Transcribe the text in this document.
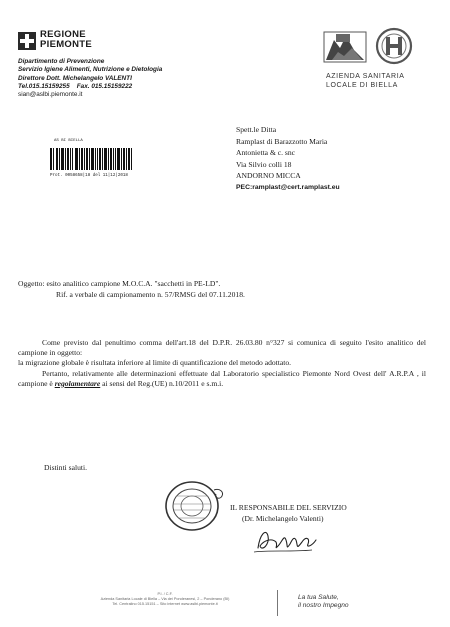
REGIONE
PIEMONTE
Dipartimento di Prevenzione
Servizio Igiene Alimenti, Nutrizione e Dietologia
Direttore Dott. Michelangelo VALENTI
Tel.015.15159255 Fax. 015.15159222
sian@aslbi.piemonte.it
AZIENDA SANITARIA
LOCALE DI BIELLA
AS BI BIELLA
Prot. 0058658|18 del 11|12|2018
Spett.le Ditta
Ramplast di Barazzotto Maria
Antonietta & c. snc
Via Silvio colli 18
ANDORNO MICCA
PEC:ramplast@cert.ramplast.eu
Oggetto: esito analitico campione M.O.C.A. "sacchetti in PE-LD".
Rif. a verbale di campionamento n. 57/RMSG del 07.11.2018.

Come previsto dal penultimo comma dell'art.18 del D.P.R. 26.03.80 n°327 si comunica di seguito l'esito analitico del campione in oggetto:

la migrazione globale è risultata inferiore al limite di quantificazione del metodo adottato.

Pertanto, relativamente alle determinazioni effettuate dal Laboratorio specialistico Piemonte Nord Ovest dell' A.R.P.A , il campione è regolamentare ai sensi del Reg.(UE) n.10/2011 e s.m.i.

Distinti saluti.
IL RESPONSABILE DEL SERVIZIO
(Dr. Michelangelo Valenti)
P.I. / C.F.
Azienda Sanitaria Locale di Biella – Via dei Ponderanesi, 2 – Ponderano (BI)
Tel. Centralino 015.15151 – Sito internet www.aslbi.piemonte.it
La tua Salute,
il nostro Impegno
